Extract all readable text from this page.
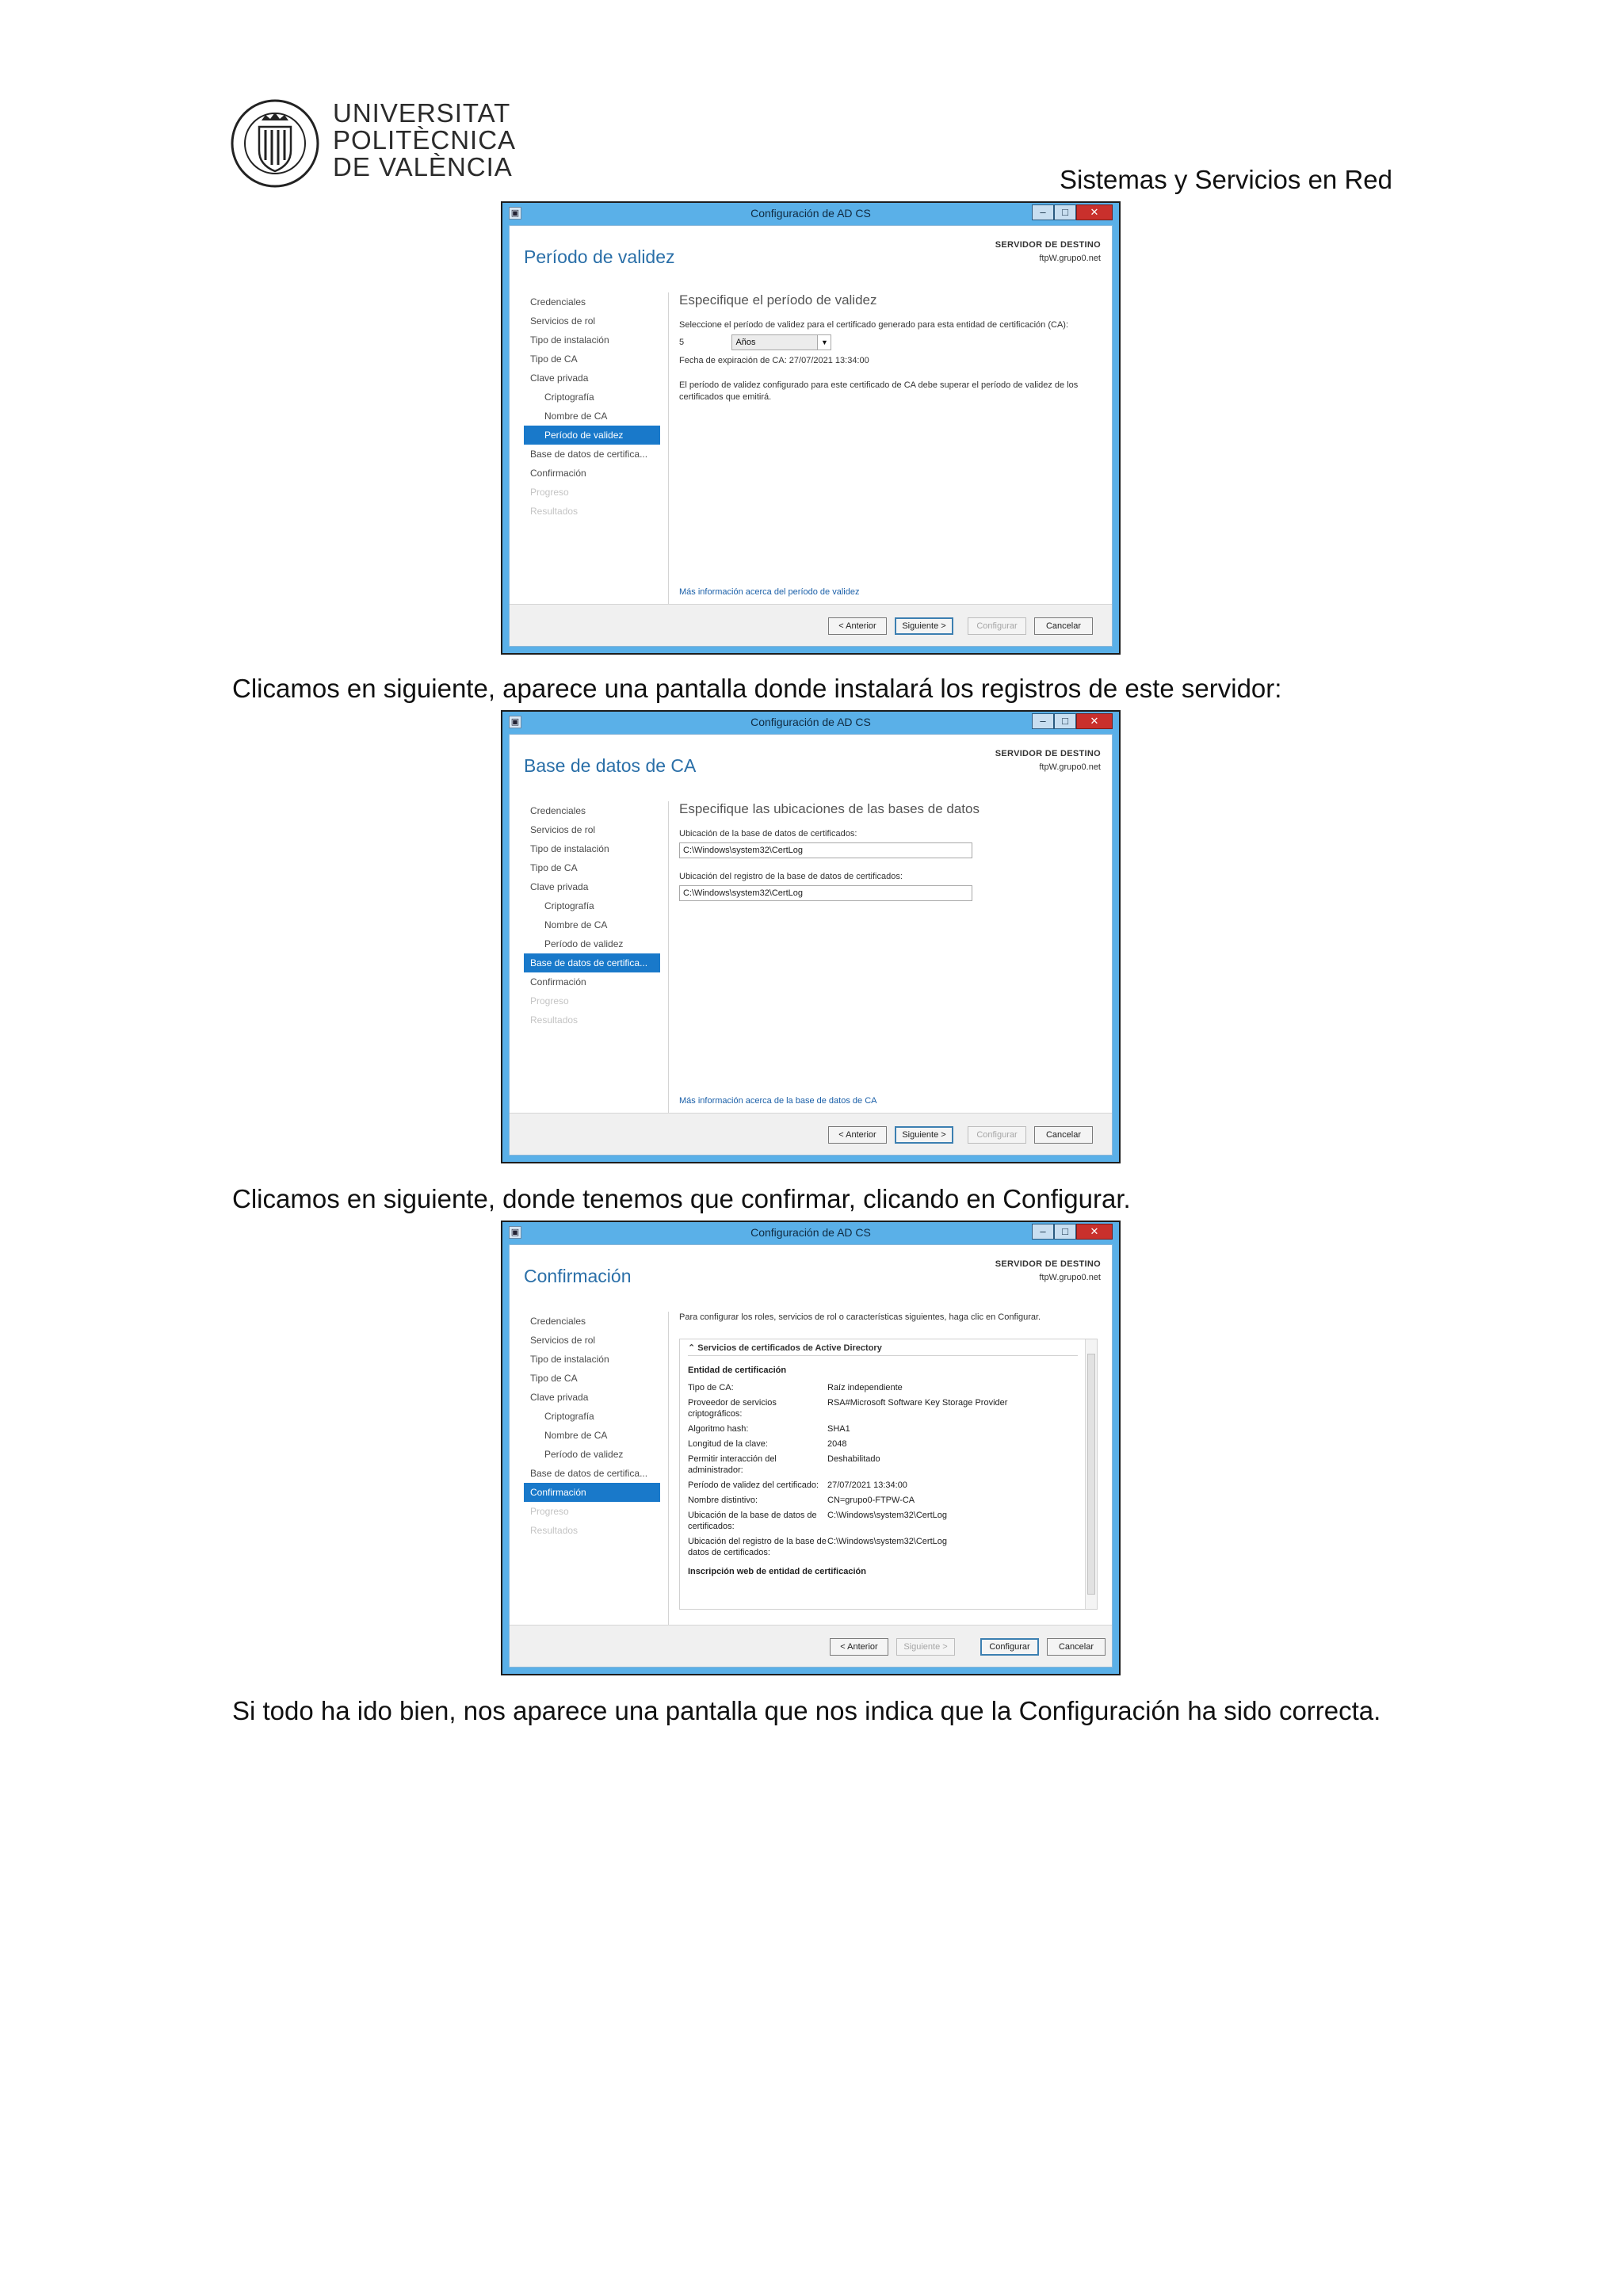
UNIVERSITAT
POLITÈCNICA
DE VALÈNCIA	Sistemas y Servicios en Red
▣	Configuración de AD CS	–	□	✕
Período de validez
SERVIDOR DE DESTINO
ftpW.grupo0.net
Credenciales
Servicios de rol
Tipo de instalación
Tipo de CA
Clave privada
Criptografía
Nombre de CA
Período de validez
Base de datos de certifica...
Confirmación
Progreso
Resultados
Especifique el período de validez
Seleccione el período de validez para el certificado generado para esta entidad de certificación (CA):
5	Años	▼
Fecha de expiración de CA: 27/07/2021 13:34:00
El período de validez configurado para este certificado de CA debe superar el período de validez de los certificados que emitirá.
Más información acerca del período de validez
< Anterior	Siguiente >	Configurar	Cancelar
Clicamos en siguiente, aparece una pantalla donde instalará los registros de este servidor:
▣	Configuración de AD CS	–	□	✕
Base de datos de CA
SERVIDOR DE DESTINO
ftpW.grupo0.net
Credenciales
Servicios de rol
Tipo de instalación
Tipo de CA
Clave privada
Criptografía
Nombre de CA
Período de validez
Base de datos de certifica...
Confirmación
Progreso
Resultados
Especifique las ubicaciones de las bases de datos
Ubicación de la base de datos de certificados:
C:\Windows\system32\CertLog
Ubicación del registro de la base de datos de certificados:
C:\Windows\system32\CertLog
Más información acerca de la base de datos de CA
< Anterior	Siguiente >	Configurar	Cancelar
Clicamos en siguiente, donde tenemos que confirmar, clicando en Configurar.
▣	Configuración de AD CS	–	□	✕
Confirmación
SERVIDOR DE DESTINO
ftpW.grupo0.net
Credenciales
Servicios de rol
Tipo de instalación
Tipo de CA
Clave privada
Criptografía
Nombre de CA
Período de validez
Base de datos de certifica...
Confirmación
Progreso
Resultados
Para configurar los roles, servicios de rol o características siguientes, haga clic en Configurar.
⌃ Servicios de certificados de Active Directory
Entidad de certificación
Tipo de CA:	Raíz independiente
Proveedor de servicios criptográficos:
RSA#Microsoft Software Key Storage Provider
Algoritmo hash:	SHA1
Longitud de la clave:	2048
Permitir interacción del administrador:
Deshabilitado
Período de validez del certificado: 27/07/2021 13:34:00
Nombre distintivo:	CN=grupo0-FTPW-CA
Ubicación de la base de datos de certificados:
C:\Windows\system32\CertLog
Ubicación del registro de la base de datos de certificados:
C:\Windows\system32\CertLog
Inscripción web de entidad de certificación
< Anterior	Siguiente >	Configurar	Cancelar
Si todo ha ido bien, nos aparece una pantalla que nos indica que la Configuración ha sido correcta.
